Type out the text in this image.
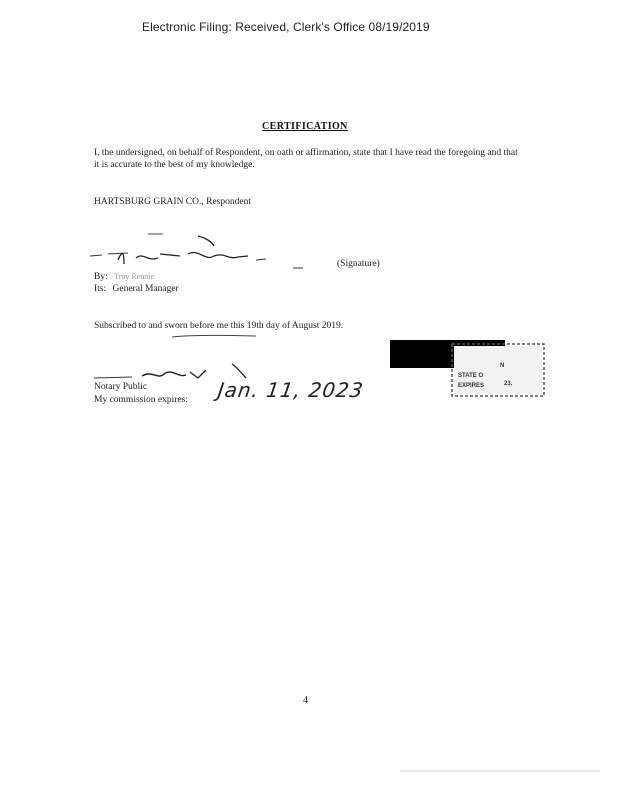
Electronic Filing: Received, Clerk's Office 08/19/2019
CERTIFICATION
I, the undersigned, on behalf of Respondent, on oath or affirmation, state that I have read the foregoing and that it is accurate to the best of my knowledge.
HARTSBURG GRAIN CO., Respondent
(Signature)
By: Troy Rennie
Its: General Manager
Subscribed to and sworn before me this 19th day of August 2019.
N
STATE O
EXPIRES	23.
Notary Public
My commission expires: Jan. 11, 2023
4
